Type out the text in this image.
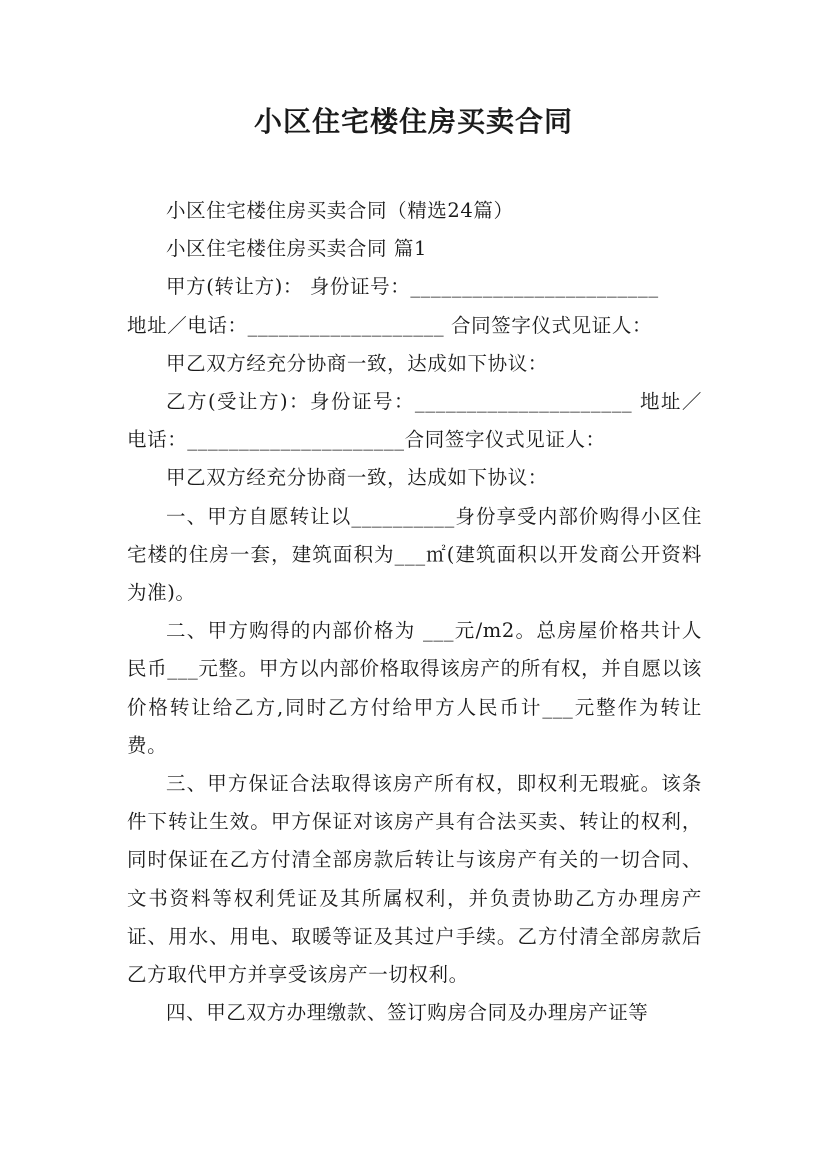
小区住宅楼住房买卖合同

小区住宅楼住房买卖合同（精选24篇）

小区住宅楼住房买卖合同 篇1

甲方(转让方)： 身份证号：________________________

地址／电话：___________________ 合同签字仪式见证人：

甲乙双方经充分协商一致，达成如下协议：

乙方(受让方)：身份证号：_____________________ 地址／电话：_____________________合同签字仪式见证人：

甲乙双方经充分协商一致，达成如下协议：

一、甲方自愿转让以__________身份享受内部价购得小区住宅楼的住房一套，建筑面积为___㎡(建筑面积以开发商公开资料为准)。

二、甲方购得的内部价格为 ___元/m2。总房屋价格共计人民币___元整。甲方以内部价格取得该房产的所有权，并自愿以该价格转让给乙方,同时乙方付给甲方人民币计___元整作为转让费。

三、甲方保证合法取得该房产所有权，即权利无瑕疵。该条件下转让生效。甲方保证对该房产具有合法买卖、转让的权利，同时保证在乙方付清全部房款后转让与该房产有关的一切合同、文书资料等权利凭证及其所属权利，并负责协助乙方办理房产证、用水、用电、取暖等证及其过户手续。乙方付清全部房款后乙方取代甲方并享受该房产一切权利。

四、甲乙双方办理缴款、签订购房合同及办理房产证等
